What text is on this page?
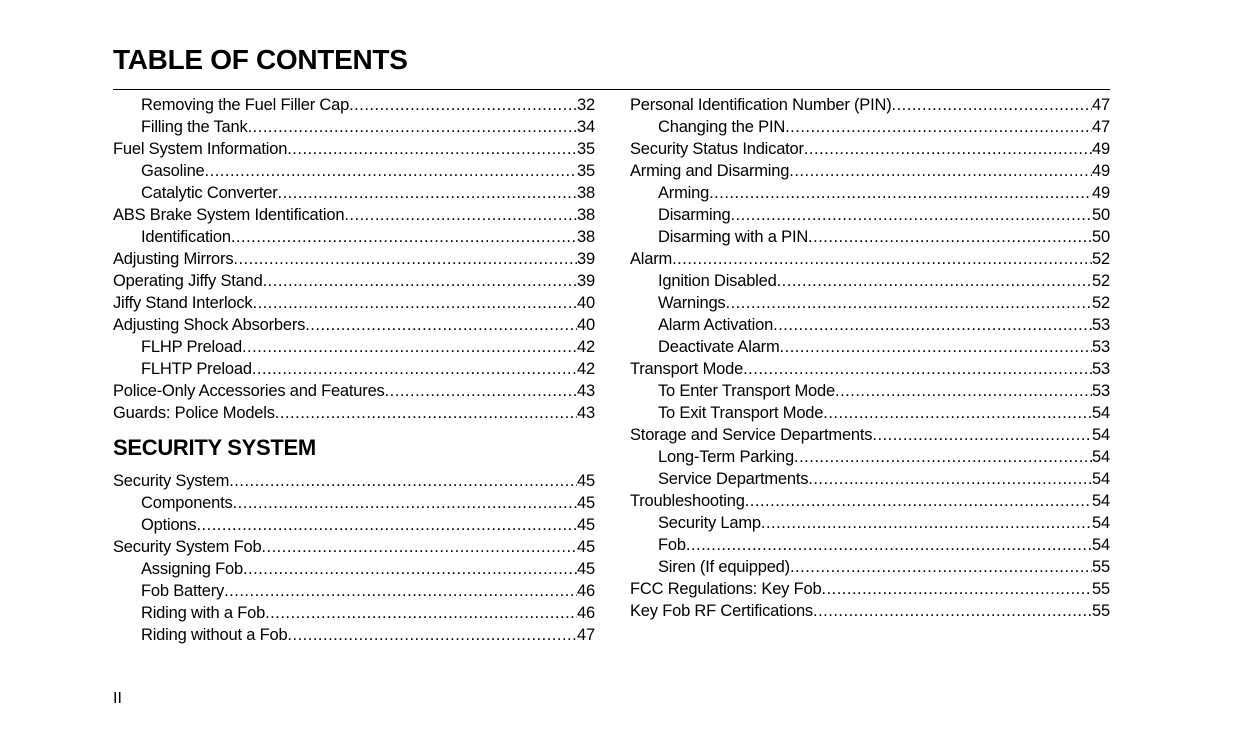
TABLE OF CONTENTS
Removing the Fuel Filler Cap .....	32
Filling the Tank .....	34
Fuel System Information .....	35
Gasoline .....	35
Catalytic Converter .....	38
ABS Brake System Identification .....	38
Identification .....	38
Adjusting Mirrors .....	39
Operating Jiffy Stand .....	39
Jiffy Stand Interlock .....	40
Adjusting Shock Absorbers .....	40
FLHP Preload .....	42
FLHTP Preload .....	42
Police-Only Accessories and Features .....	43
Guards: Police Models .....	43
SECURITY SYSTEM
Security System .....	45
Components .....	45
Options .....	45
Security System Fob .....	45
Assigning Fob .....	45
Fob Battery .....	46
Riding with a Fob .....	46
Riding without a Fob .....	47
Personal Identification Number (PIN) .....	47
Changing the PIN .....	47
Security Status Indicator .....	49
Arming and Disarming .....	49
Arming .....	49
Disarming .....	50
Disarming with a PIN .....	50
Alarm .....	52
Ignition Disabled .....	52
Warnings .....	52
Alarm Activation .....	53
Deactivate Alarm .....	53
Transport Mode .....	53
To Enter Transport Mode .....	53
To Exit Transport Mode .....	54
Storage and Service Departments .....	54
Long-Term Parking .....	54
Service Departments .....	54
Troubleshooting .....	54
Security Lamp .....	54
Fob .....	54
Siren (If equipped) .....	55
FCC Regulations: Key Fob .....	55
Key Fob RF Certifications .....	55
II
